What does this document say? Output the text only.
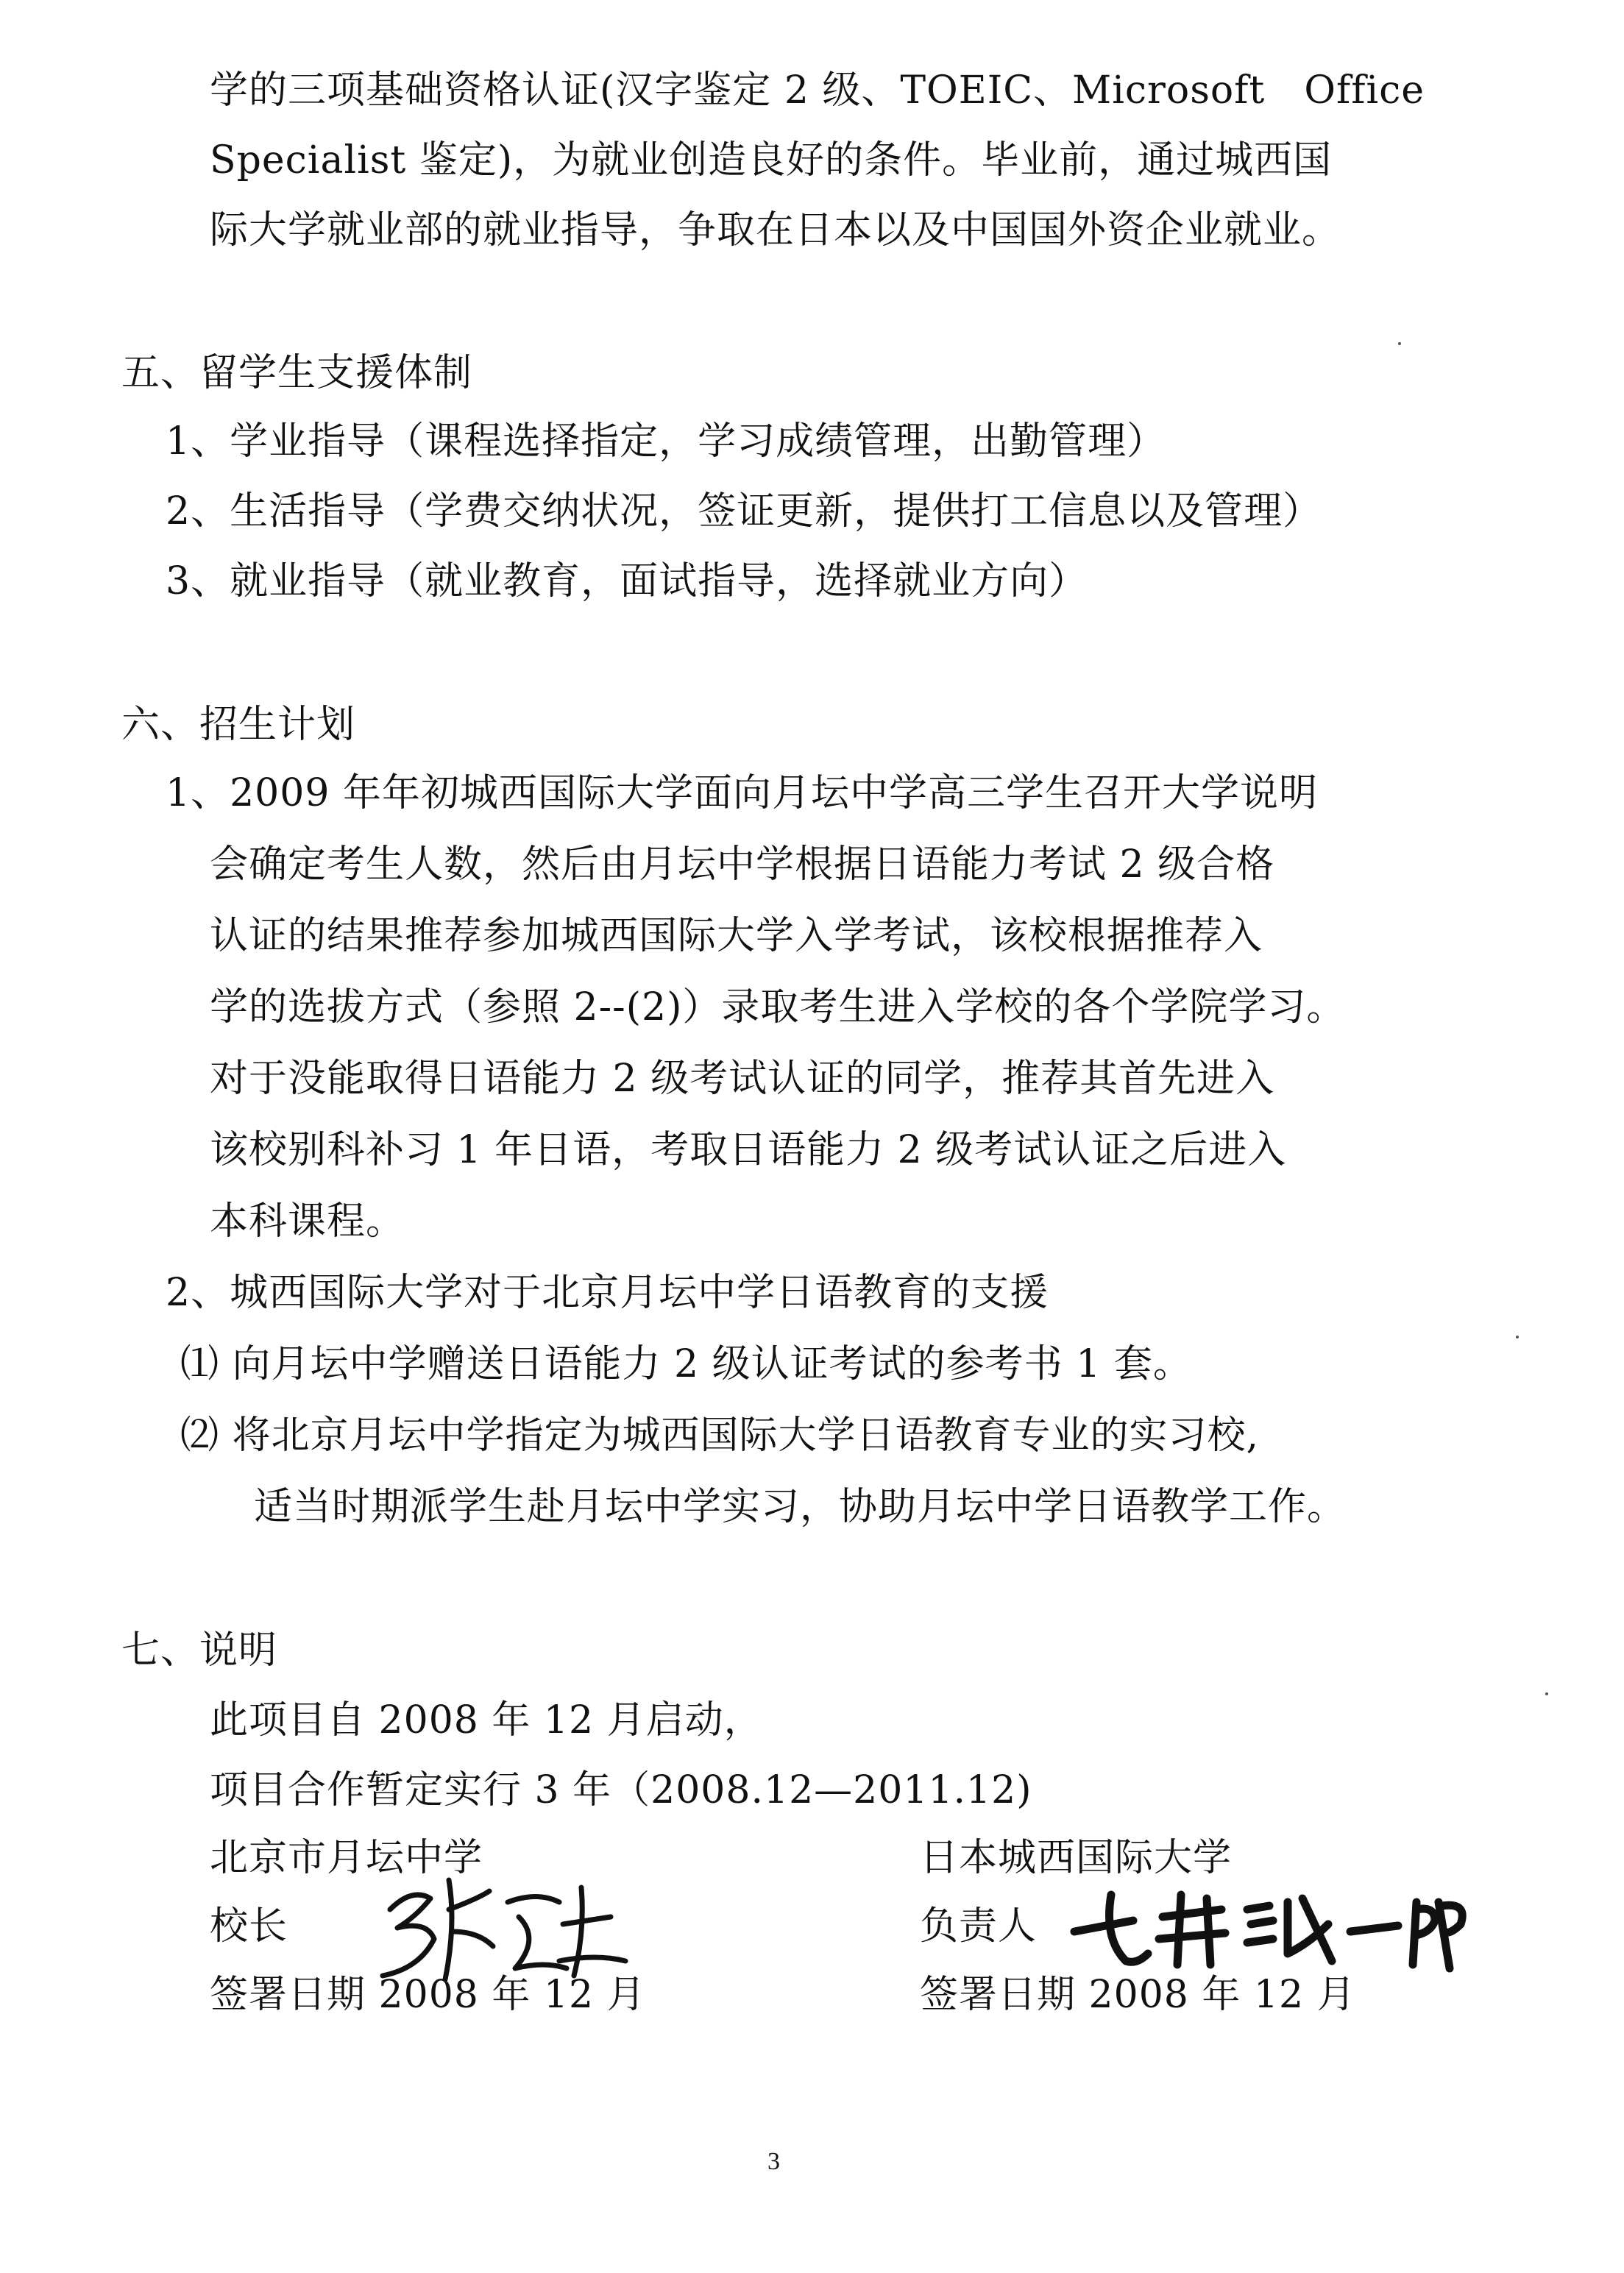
学的三项基础资格认证(汉字鉴定 2 级、TOEIC、Microsoft　Office
Specialist 鉴定)，为就业创造良好的条件。毕业前，通过城西国
际大学就业部的就业指导，争取在日本以及中国国外资企业就业。
五、留学生支援体制
1、学业指导（课程选择指定，学习成绩管理，出勤管理）
2、生活指导（学费交纳状况，签证更新，提供打工信息以及管理）
3、就业指导（就业教育，面试指导，选择就业方向）
六、招生计划
1、2009 年年初城西国际大学面向月坛中学高三学生召开大学说明
会确定考生人数，然后由月坛中学根据日语能力考试 2 级合格
认证的结果推荐参加城西国际大学入学考试，该校根据推荐入
学的选拔方式（参照 2--(2)）录取考生进入学校的各个学院学习。
对于没能取得日语能力 2 级考试认证的同学，推荐其首先进入
该校别科补习 1 年日语，考取日语能力 2 级考试认证之后进入
本科课程。
2、城西国际大学对于北京月坛中学日语教育的支援
⑴ 向月坛中学赠送日语能力 2 级认证考试的参考书 1 套。
⑵ 将北京月坛中学指定为城西国际大学日语教育专业的实习校,
适当时期派学生赴月坛中学实习，协助月坛中学日语教学工作。
七、说明
此项目自 2008 年 12 月启动，
项目合作暂定实行 3 年（2008.12—2011.12)
北京市月坛中学
校长
签署日期 2008 年 12 月
日本城西国际大学
负责人
签署日期 2008 年 12 月
3
